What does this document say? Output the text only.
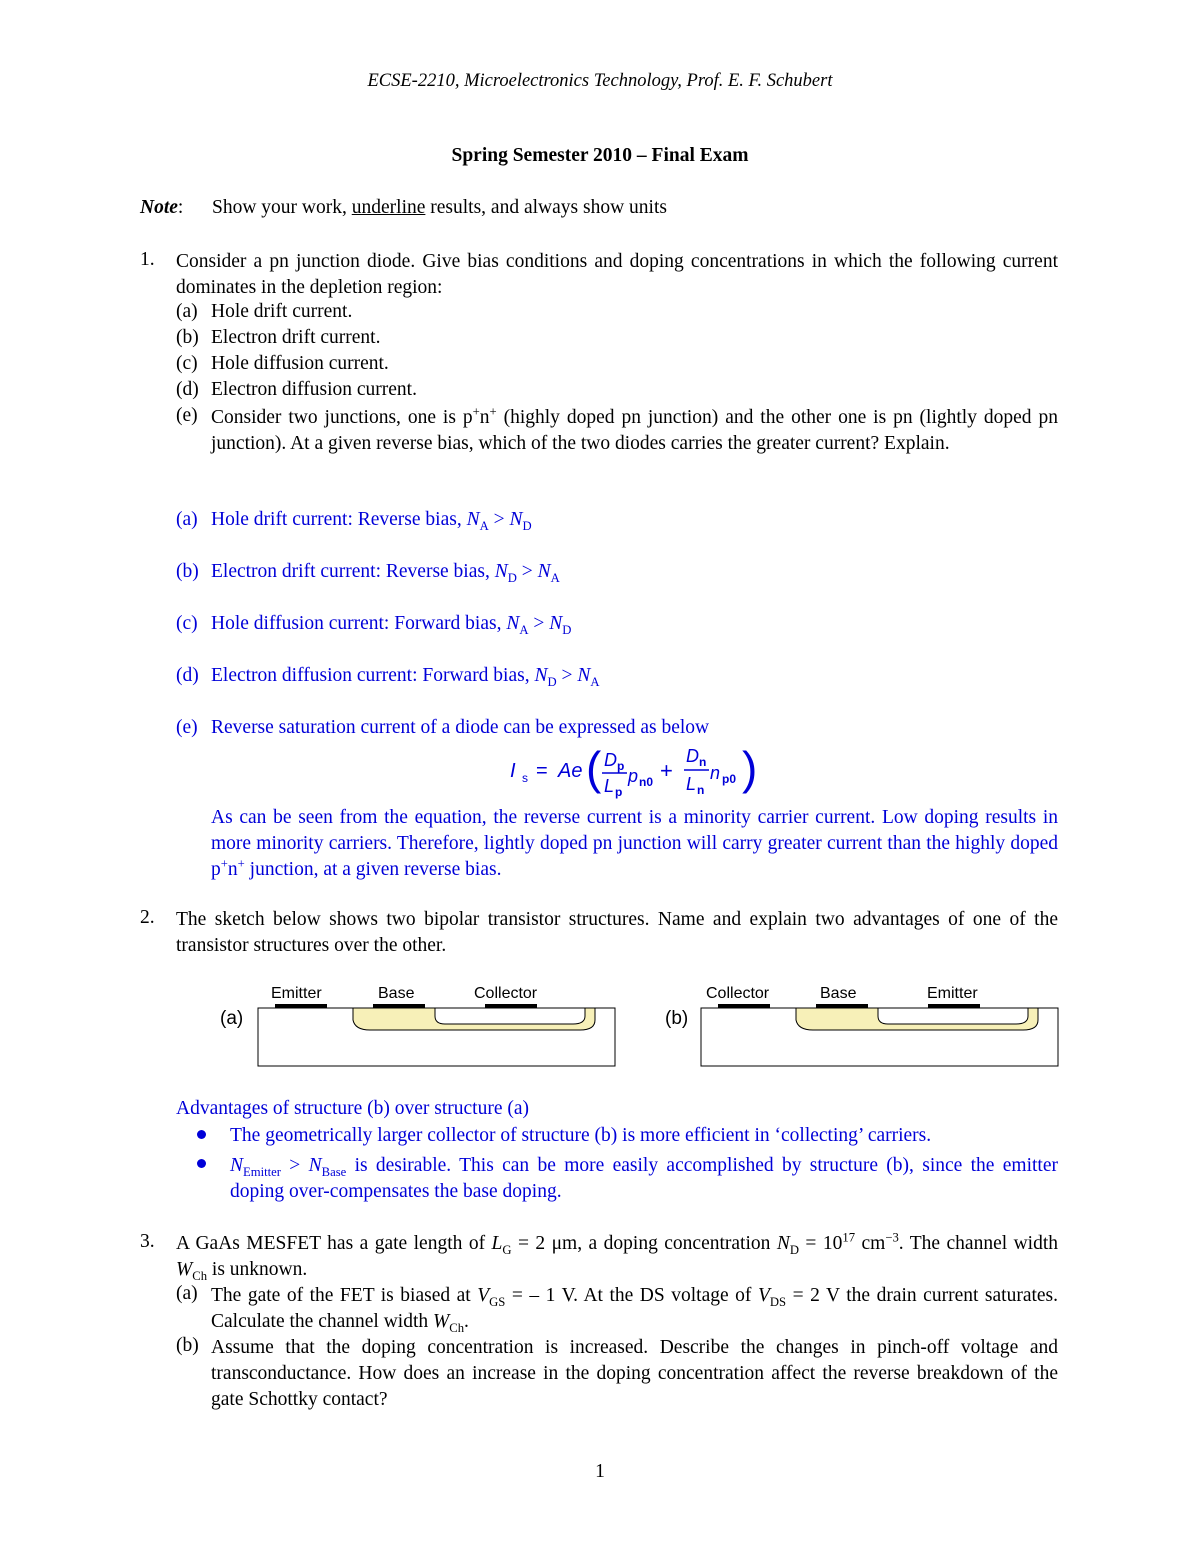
ECSE-2210, Microelectronics Technology, Prof. E. F. Schubert
Spring Semester 2010 – Final Exam
Note: Show your work, underline results, and always show units
1. Consider a pn junction diode. Give bias conditions and doping concentrations in which the following current dominates in the depletion region:
(a) Hole drift current.
(b) Electron drift current.
(c) Hole diffusion current.
(d) Electron diffusion current.
(e) Consider two junctions, one is p+n+ (highly doped pn junction) and the other one is pn (lightly doped pn junction). At a given reverse bias, which of the two diodes carries the greater current? Explain.
(a) Hole drift current: Reverse bias, $N_A > N_D$
(b) Electron drift current: Reverse bias, $N_D > N_A$
(c) Hole diffusion current: Forward bias, $N_A > N_D$
(d) Electron diffusion current: Forward bias, $N_D > N_A$
(e) Reverse saturation current of a diode can be expressed as below
I s = Ae ( D p
L p
p n0 +
D n
L n
n p0 )
As can be seen from the equation, the reverse current is a minority carrier current. Low doping results in more minority carriers. Therefore, lightly doped pn junction will carry greater current than the highly doped p+n+ junction, at a given reverse bias.
2. The sketch below shows two bipolar transistor structures. Name and explain two advantages of one of the transistor structures over the other.
(a)
Emitter	Base	Collector
(b)
Collector	Base	Emitter
Advantages of structure (b) over structure (a)
The geometrically larger collector of structure (b) is more efficient in ‘collecting’ carriers.
$N_{Emitter} > N_{Base}$ is desirable. This can be more easily accomplished by structure (b), since the emitter doping over-compensates the base doping.
3. A GaAs MESFET has a gate length of $L_G = 2$ μm, a doping concentration $N_D = 10^{17}$ $cm^{-3}$. The channel width $W_{Ch}$ is unknown.
(a) The gate of the FET is biased at $V_{GS}$ = – 1 V. At the DS voltage of $V_{DS} = 2$ V the drain current saturates. Calculate the channel width $W_{Ch}$.
(b) Assume that the doping concentration is increased. Describe the changes in pinch-off voltage and transconductance. How does an increase in the doping concentration affect the reverse breakdown of the gate Schottky contact?
1
